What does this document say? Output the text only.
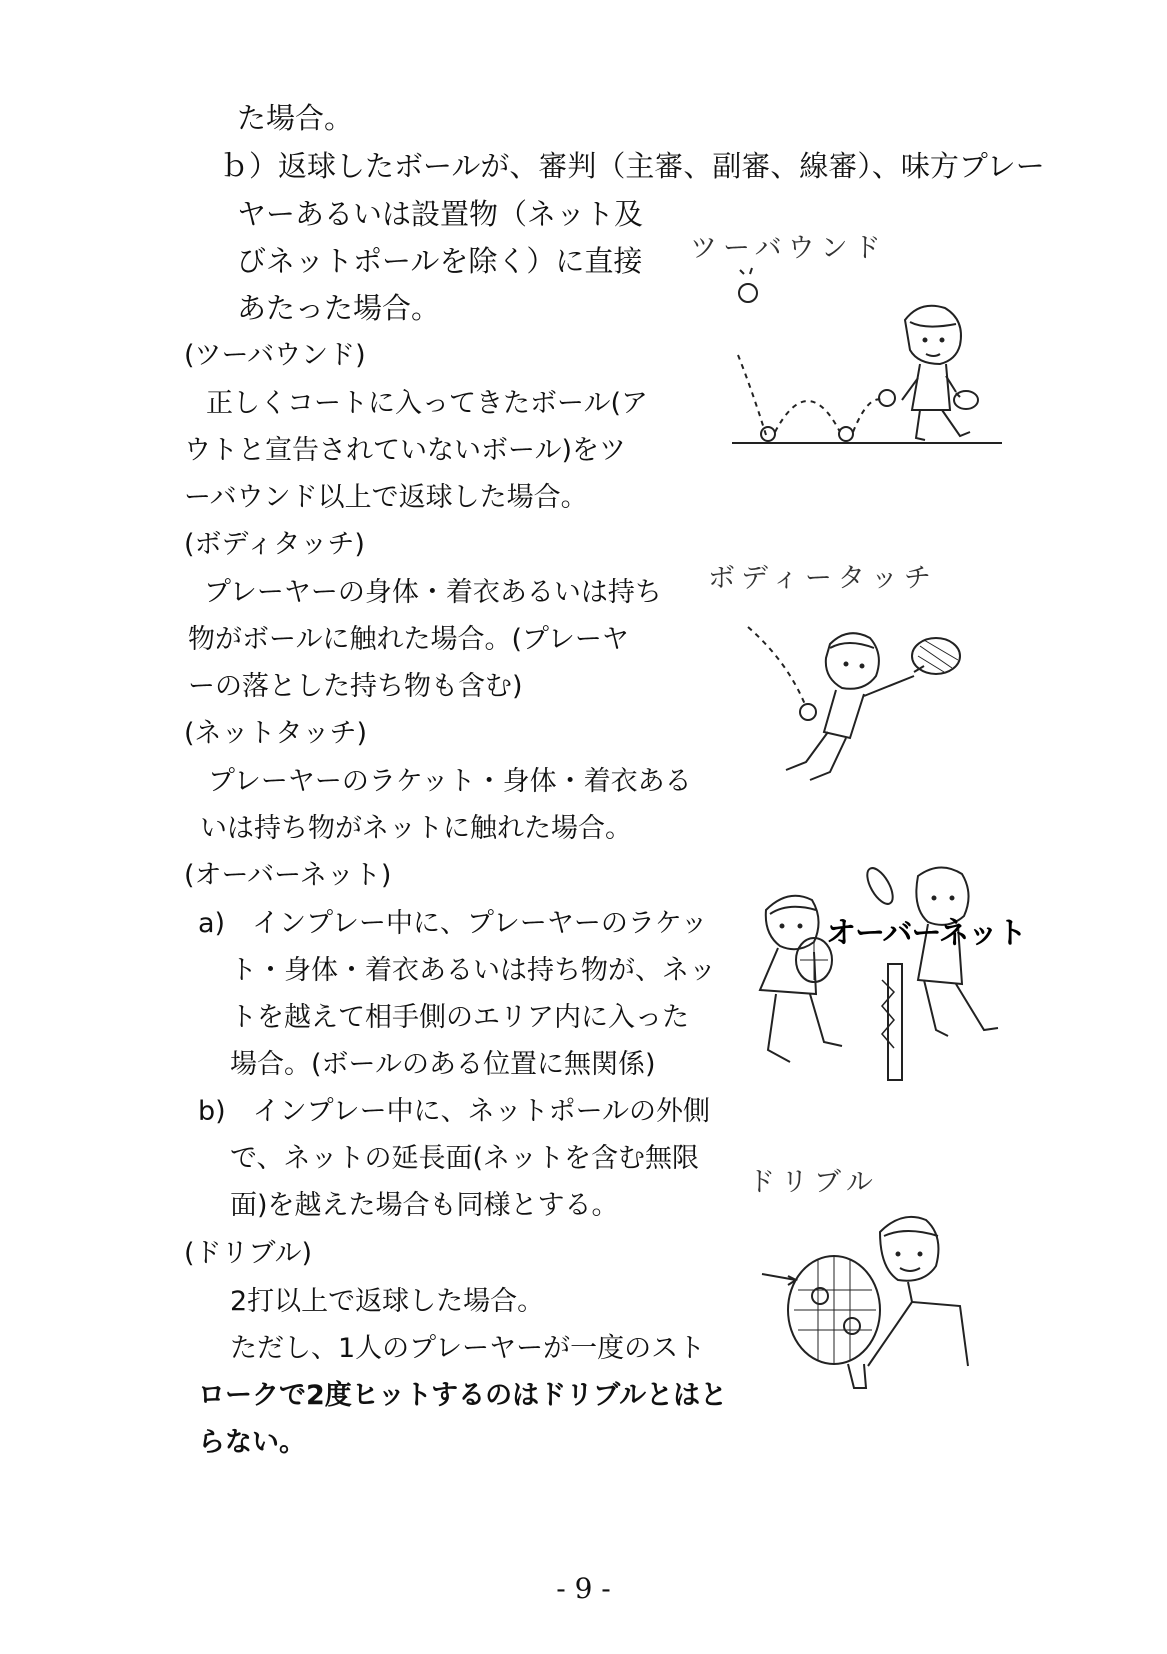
た場合。
ｂ）返球したボールが、審判（主審、副審、線審）、味方プレー
ヤーあるいは設置物（ネット及
びネットポールを除く）に直接
あたった場合。
(ツーバウンド)
正しくコートに入ってきたボール(ア
ウトと宣告されていないボール)をツ
ーバウンド以上で返球した場合。
(ボディタッチ)
プレーヤーの身体・着衣あるいは持ち
物がボールに触れた場合。(プレーヤ
ーの落とした持ち物も含む)
(ネットタッチ)
プレーヤーのラケット・身体・着衣ある
いは持ち物がネットに触れた場合。
(オーバーネット)
a)　インプレー中に、プレーヤーのラケッ
ト・身体・着衣あるいは持ち物が、ネッ
トを越えて相手側のエリア内に入った
場合。(ボールのある位置に無関係)
b)　インプレー中に、ネットポールの外側
で、ネットの延長面(ネットを含む無限
面)を越えた場合も同様とする。
(ドリブル)
2打以上で返球した場合。
ただし、1人のプレーヤーが一度のスト
ロークで2度ヒットするのはドリブルとはと
らない。
ツーバウンド
ボディータッチ
ドリブル
オーバーネット
- 9 -
